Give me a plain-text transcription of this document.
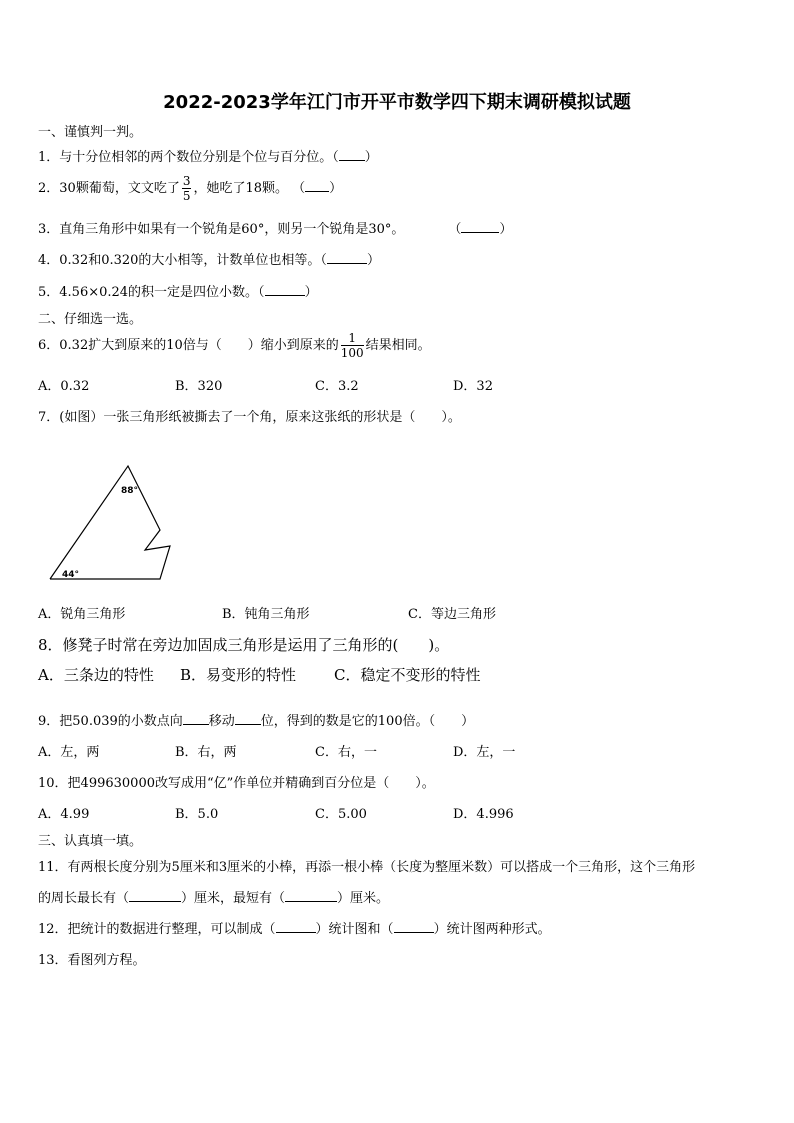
2022-2023学年江门市开平市数学四下期末调研模拟试题
一、谨慎判一判。
1．与十分位相邻的两个数位分别是个位与百分位。（ ）
2．30颗葡萄，文文吃了 $\frac{3}{5}$ ，她吃了18颗。 （ ）
3．直角三角形中如果有一个锐角是60°，则另一个锐角是30°。	（	）
4．0.32和0.320的大小相等，计数单位也相等。（	）
5．4.56×0.24的积一定是四位小数。（	）
二、仔细选一选。
6．0.32扩大到原来的10倍与（　　）缩小到原来的 $\frac{1}{100}$ 结果相同。
A．0.32	B．320	C．3.2	D．32
7．(如图）一张三角形纸被撕去了一个角，原来这张纸的形状是（　　）。
88°
44°
A．锐角三角形	B．钝角三角形	C．等边三角形
8．修凳子时常在旁边加固成三角形是运用了三角形的(　　)。
A．三条边的特性 B．易变形的特性	C．稳定不变形的特性
9．把50.039的小数点向 移动 位，得到的数是它的100倍。（　　）
A．左，两	B．右，两	C．右，一	D．左，一
10．把499630000改写成用“亿”作单位并精确到百分位是（　　）。
A．4.99	B．5.0	C．5.00	D．4.996
三、认真填一填。
11．有两根长度分别为5厘米和3厘米的小棒，再添一根小棒（长度为整厘米数）可以搭成一个三角形，这个三角形
的周长最长有（	）厘米，最短有（	）厘米。
12．把统计的数据进行整理，可以制成（	）统计图和（	）统计图两种形式。
13．看图列方程。
